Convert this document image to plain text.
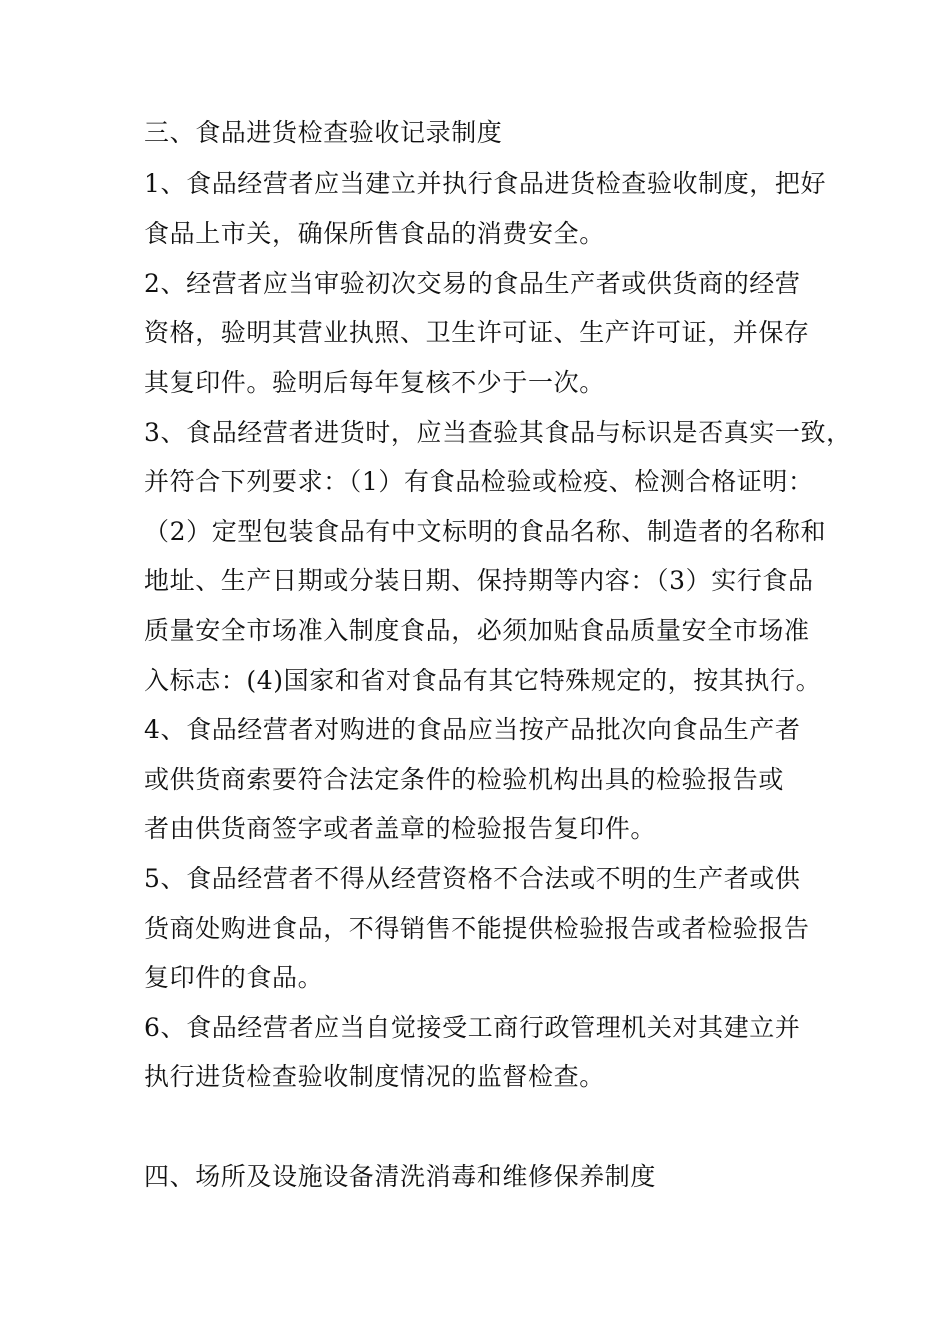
三、食品进货检查验收记录制度
1、食品经营者应当建立并执行食品进货检查验收制度，把好
食品上市关，确保所售食品的消费安全。
2、经营者应当审验初次交易的食品生产者或供货商的经营
资格，验明其营业执照、卫生许可证、生产许可证，并保存
其复印件。验明后每年复核不少于一次。
3、食品经营者进货时，应当查验其食品与标识是否真实一致，
并符合下列要求：（1）有食品检验或检疫、检测合格证明：
（2）定型包装食品有中文标明的食品名称、制造者的名称和
地址、生产日期或分装日期、保持期等内容：（3）实行食品
质量安全市场准入制度食品，必须加贴食品质量安全市场准
入标志：(4)国家和省对食品有其它特殊规定的，按其执行。
4、食品经营者对购进的食品应当按产品批次向食品生产者
或供货商索要符合法定条件的检验机构出具的检验报告或
者由供货商签字或者盖章的检验报告复印件。
5、食品经营者不得从经营资格不合法或不明的生产者或供
货商处购进食品，不得销售不能提供检验报告或者检验报告
复印件的食品。
6、食品经营者应当自觉接受工商行政管理机关对其建立并
执行进货检查验收制度情况的监督检查。
四、场所及设施设备清洗消毒和维修保养制度
